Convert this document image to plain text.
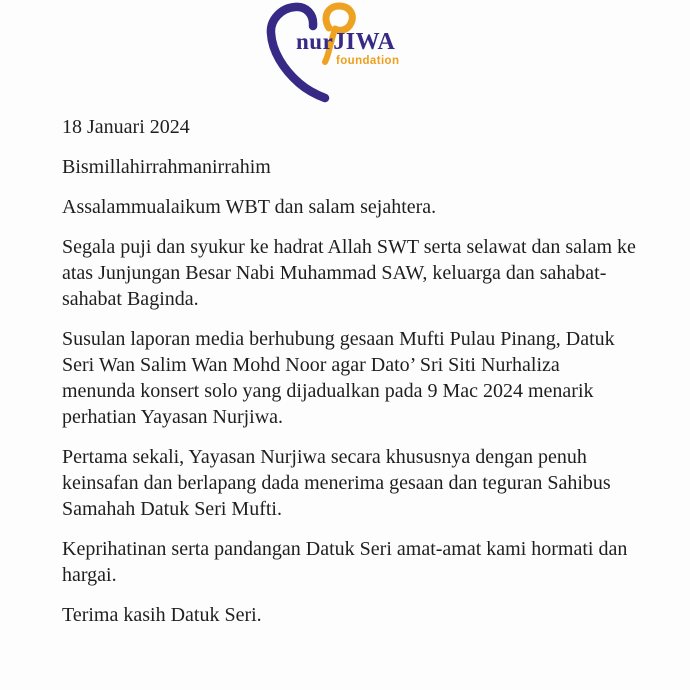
nurJIWA
foundation

18 Januari 2024

Bismillahirrahmanirrahim

Assalammualaikum WBT dan salam sejahtera.

Segala puji dan syukur ke hadrat Allah SWT serta selawat dan salam ke atas Junjungan Besar Nabi Muhammad SAW, keluarga dan sahabat-sahabat Baginda.

Susulan laporan media berhubung gesaan Mufti Pulau Pinang, Datuk Seri Wan Salim Wan Mohd Noor agar Dato’ Sri Siti Nurhaliza menunda konsert solo yang dijadualkan pada 9 Mac 2024 menarik perhatian Yayasan Nurjiwa.

Pertama sekali, Yayasan Nurjiwa secara khususnya dengan penuh keinsafan dan berlapang dada menerima gesaan dan teguran Sahibus Samahah Datuk Seri Mufti.

Keprihatinan serta pandangan Datuk Seri amat-amat kami hormati dan hargai.

Terima kasih Datuk Seri.
